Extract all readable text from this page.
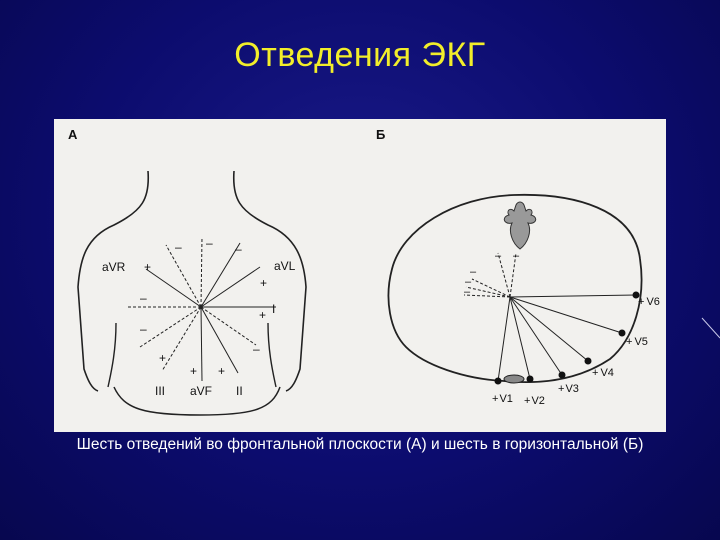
Отведения ЭКГ
А
aVR	aVL
I
III aVF II
+
+
+
+
+ +
– – –
–
–
–
Б
+V1 +V2
+V3
+ V4
+ V5
+ V6
– –
–
–
–
Шесть отведений во фронтальной плоскости (А) и шесть в горизонтальной (Б)
